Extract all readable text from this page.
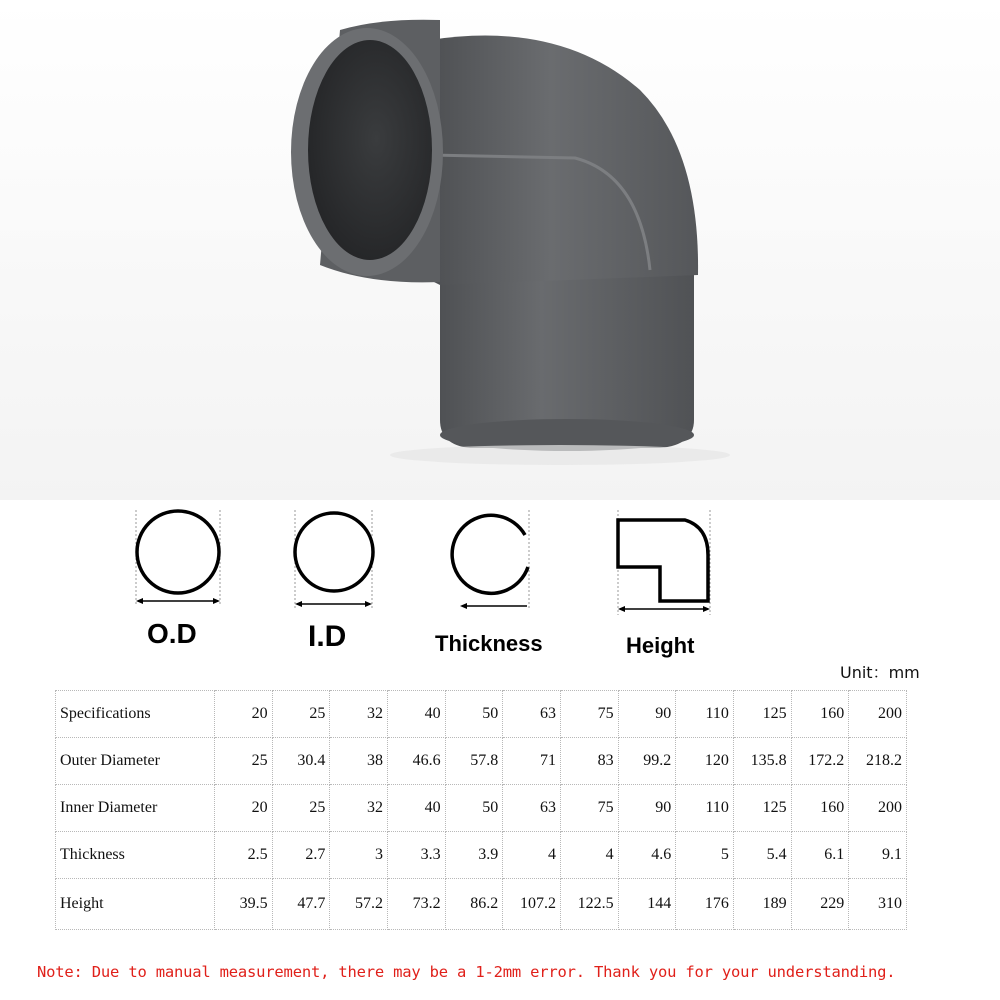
O.D	I.D	Thickness	Height
Unit：mm
Specifications	20	25	32	40	50	63	75	90	110	125	160	200
Outer Diameter	25	30.4	38	46.6	57.8	71	83	99.2	120	135.8	172.2	218.2
Inner Diameter	20	25	32	40	50	63	75	90	110	125	160	200
Thickness	2.5	2.7	3	3.3	3.9	4	4	4.6	5	5.4	6.1	9.1
Height	39.5	47.7	57.2	73.2	86.2	107.2	122.5	144	176	189	229	310
Note: Due to manual measurement, there may be a 1-2mm error. Thank you for your understanding.
